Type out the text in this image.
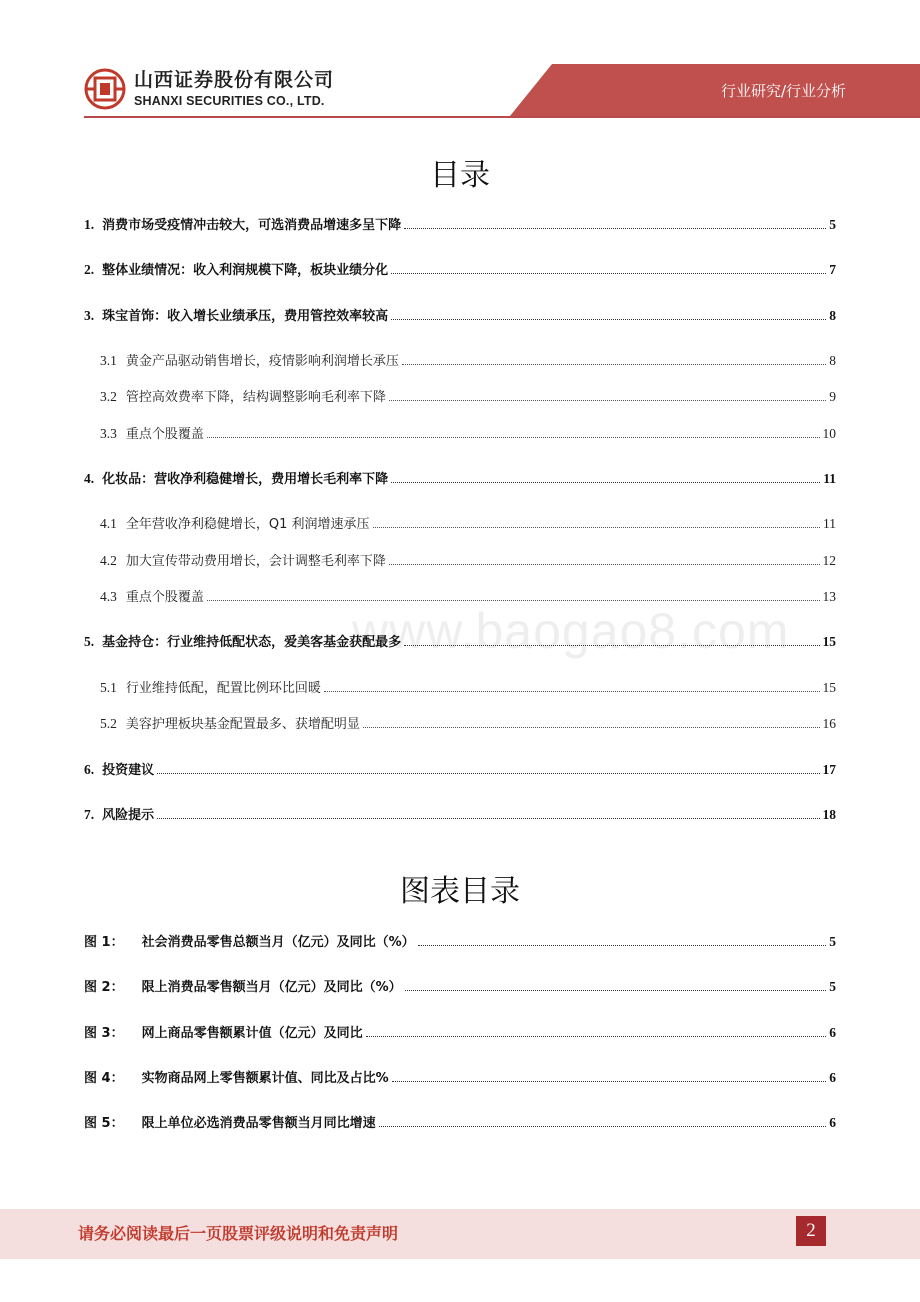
山西证券股份有限公司
SHANXI SECURITIES CO., LTD.
行业研究/行业分析
www.baogao8.com
目录
1. 消费市场受疫情冲击较大，可选消费品增速多呈下降	5
2. 整体业绩情况：收入利润规模下降，板块业绩分化	7
3. 珠宝首饰：收入增长业绩承压，费用管控效率较高	8
3.1 黄金产品驱动销售增长，疫情影响利润增长承压	8
3.2 管控高效费率下降，结构调整影响毛利率下降	9
3.3 重点个股覆盖	10
4. 化妆品：营收净利稳健增长，费用增长毛利率下降	11
4.1 全年营收净利稳健增长，Q1 利润增速承压	11
4.2 加大宣传带动费用增长，会计调整毛利率下降	12
4.3 重点个股覆盖	13
5. 基金持仓：行业维持低配状态，爱美客基金获配最多	15
5.1 行业维持低配，配置比例环比回暖	15
5.2 美容护理板块基金配置最多、获增配明显	16
6. 投资建议	17
7. 风险提示	18
图表目录
图 1： 社会消费品零售总额当月（亿元）及同比（%）	5
图 2： 限上消费品零售额当月（亿元）及同比（%）	5
图 3： 网上商品零售额累计值（亿元）及同比	6
图 4： 实物商品网上零售额累计值、同比及占比%	6
图 5： 限上单位必选消费品零售额当月同比增速	6
请务必阅读最后一页股票评级说明和免责声明	2
